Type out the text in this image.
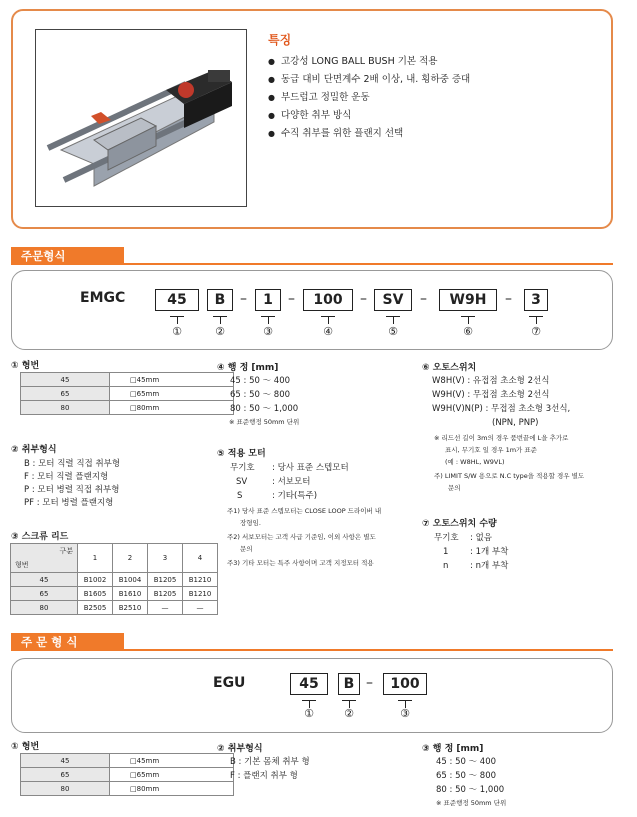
특징
● 고강성 LONG BALL BUSH 기본 적용
● 동급 대비 단면계수 2배 이상, 내. 횡하중 증대
● 부드럽고 정밀한 운동
● 다양한 취부 방식
● 수직 취부를 위한 플랜지 선택
주문형식
EMGC	45	B	–	1	–	100	–	SV	–	W9H	–	3
①	②	③	④	⑤	⑥	⑦
① 형번
45	□45mm
65	□65mm
80	□80mm
② 취부형식
B : 모터 직렬 직접 취부형
F : 모터 직렬 플랜지형
P : 모터 병렬 직접 취부형
PF : 모터 병렬 플랜지형
③ 스크류 리드
구분
형번	1	2	3	4
45	B1002	B1004	B1205	B1210
65	B1605	B1610	B1205	B1210
80	B2505	B2510	—	—
④ 행 정 [mm]
45 : 50 ～ 400
65 : 50 ～ 800
80 : 50 ～ 1,000
※ 표준행정 50mm 단위
⑤ 적용 모터
무기호 : 당사 표준 스텝모터
SV	: 서보모터
S	: 기타(특주)
주1) 당사 표준 스텝모터는 CLOSE LOOP 드라이버 내
장형임.
주2) 서보모터는 고객 사급 기준임, 이외 사항은 별도
문의
주3) 기타 모터는 특주 사항이며 고객 지정모터 적용
⑥ 오토스위치
W8H(V) : 유접점 초소형 2선식
W9H(V) : 무접점 초소형 2선식
W9H(V)N(P) : 무접점 초소형 3선식,
(NPN, PNP)
※ 리드선 길이 3m의 경우 품번끝에 L을 추가로
표시, 무기호 일 경우 1m가 표준
(예 : W8HL, W9VL)
주) LIMIT S/W 용으로 N.C type을 적용할 경우 별도
문의
⑦ 오토스위치 수량
무기호 : 없음
1	: 1개 부착
n	: n개 부착
주 문 형 식
EGU	45	B –	100
①	②	③
① 형번
45	□45mm
65	□65mm
80	□80mm
② 취부형식
B : 기본 몸체 취부 형
F : 플랜지 취부 형
③ 행 정 [mm]
45 : 50 ～ 400
65 : 50 ～ 800
80 : 50 ～ 1,000
※ 표준행정 50mm 단위
